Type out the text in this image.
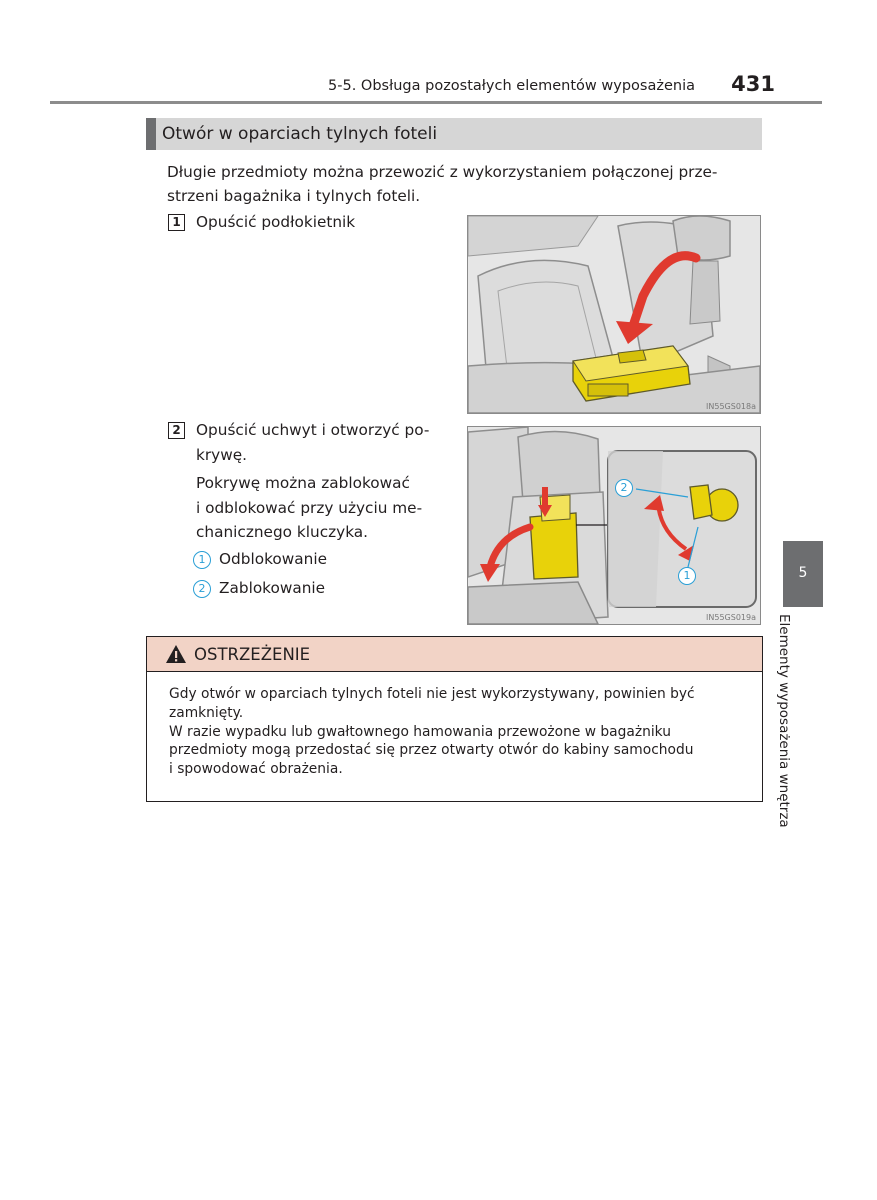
5-5. Obsługa pozostałych elementów wyposażenia	431
Otwór w oparciach tylnych foteli
Długie przedmioty można przewozić z wykorzystaniem połączonej prze-
strzeni bagażnika i tylnych foteli.
1 Opuścić podłokietnik
IN55GS018a
2 Opuścić uchwyt i otworzyć po-
krywę.
Pokrywę można zablokować
i odblokować przy użyciu me-
chanicznego kluczyka.
1 Odblokowanie
2 Zablokowanie
2
1
IN55GS019a
OSTRZEŻENIE
Gdy otwór w oparciach tylnych foteli nie jest wykorzystywany, powinien być
zamknięty.
W razie wypadku lub gwałtownego hamowania przewożone w bagażniku
przedmioty mogą przedostać się przez otwarty otwór do kabiny samochodu
i spowodować obrażenia.
5
Elementy wyposażenia wnętrza
